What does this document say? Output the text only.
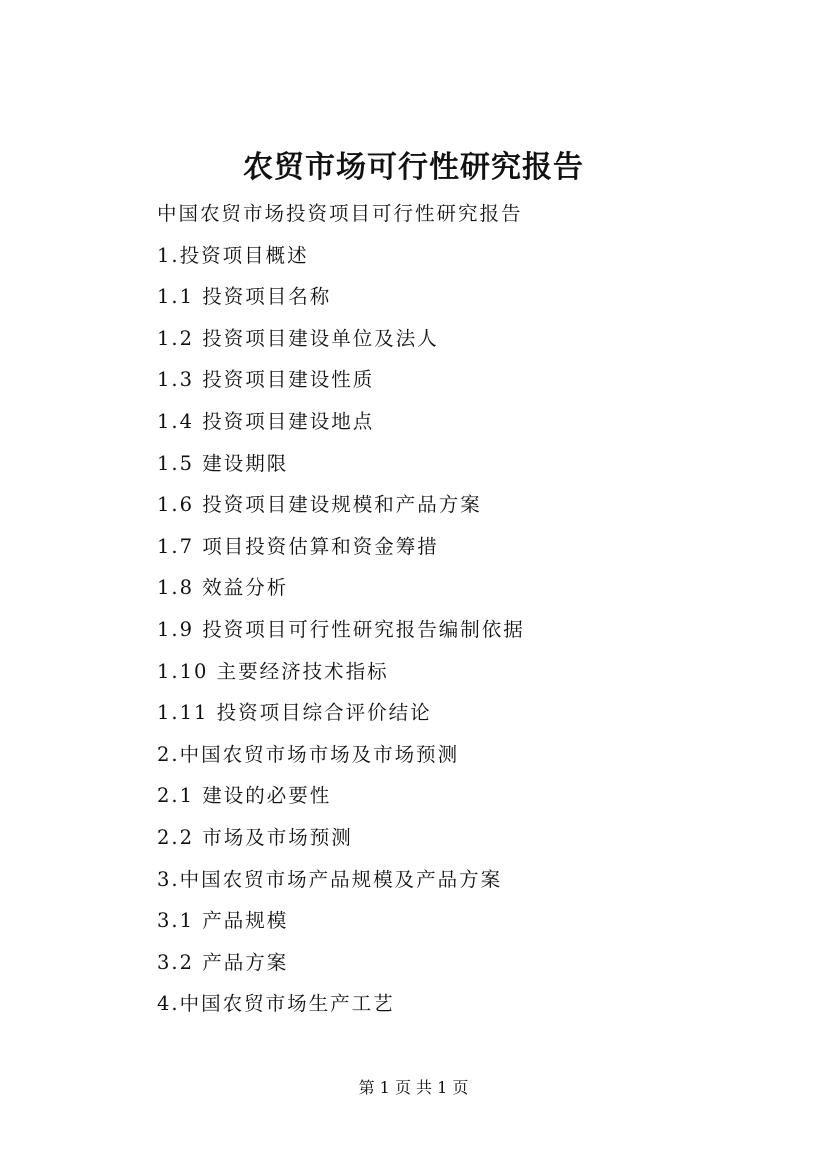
农贸市场可行性研究报告
中国农贸市场投资项目可行性研究报告
1.投资项目概述
1.1 投资项目名称
1.2 投资项目建设单位及法人
1.3 投资项目建设性质
1.4 投资项目建设地点
1.5 建设期限
1.6 投资项目建设规模和产品方案
1.7 项目投资估算和资金筹措
1.8 效益分析
1.9 投资项目可行性研究报告编制依据
1.10 主要经济技术指标
1.11 投资项目综合评价结论
2.中国农贸市场市场及市场预测
2.1 建设的必要性
2.2 市场及市场预测
3.中国农贸市场产品规模及产品方案
3.1 产品规模
3.2 产品方案
4.中国农贸市场生产工艺
第 1 页 共 1 页
